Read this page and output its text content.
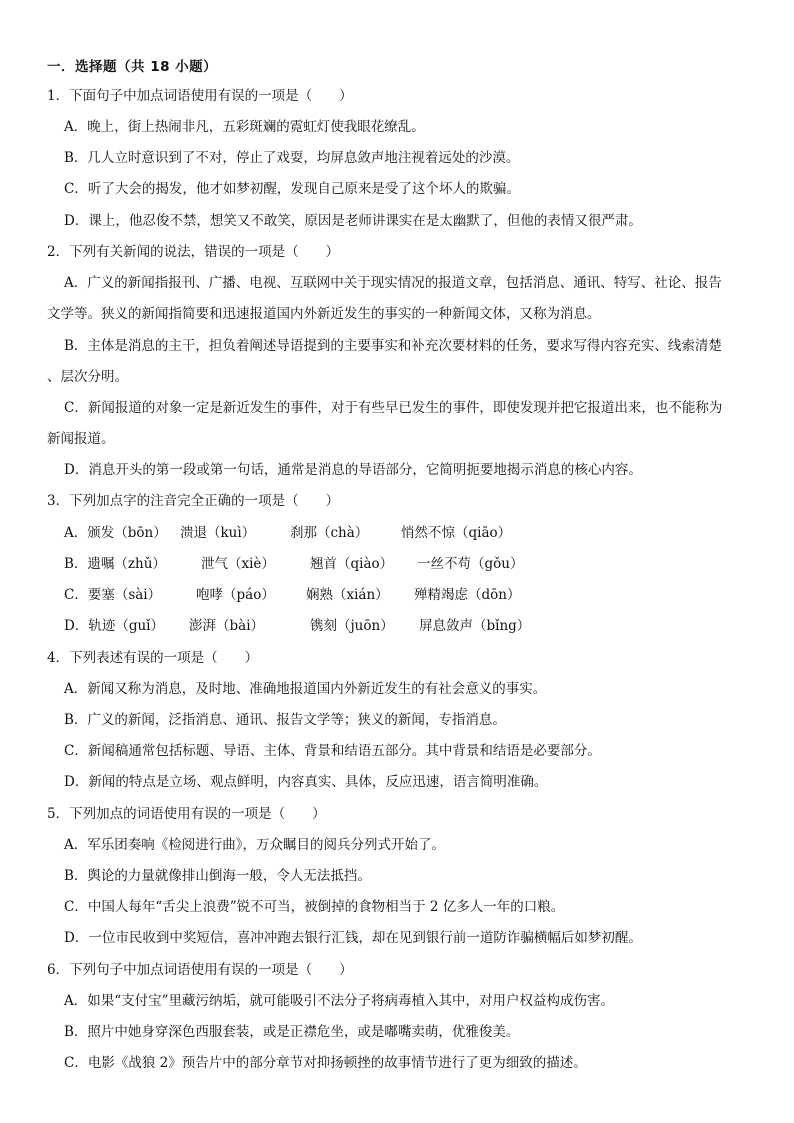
一．选择题（共 18 小题）
1．下面句子中加点词语使用有误的一项是（　　）
A．晚上，街上热闹非凡，五彩斑斓的霓虹灯使我眼花缭乱。
B．几人立时意识到了不对，停止了戏耍，均屏息敛声地注视着远处的沙漠。
C．听了大会的揭发，他才如梦初醒，发现自己原来是受了这个坏人的欺骗。
D．课上，他忍俊不禁，想笑又不敢笑，原因是老师讲课实在是太幽默了，但他的表情又很严肃。
2．下列有关新闻的说法，错误的一项是（　　）
A．广义的新闻指报刊、广播、电视、互联网中关于现实情况的报道文章，包括消息、通讯、特写、社论、报告
文学等。狭义的新闻指简要和迅速报道国内外新近发生的事实的一种新闻文体，又称为消息。
B．主体是消息的主干，担负着阐述导语提到的主要事实和补充次要材料的任务，要求写得内容充实、线索清楚
、层次分明。
C．新闻报道的对象一定是新近发生的事件，对于有些早已发生的事件，即使发现并把它报道出来，也不能称为
新闻报道。
D．消息开头的第一段或第一句话，通常是消息的导语部分，它简明扼要地揭示消息的核心内容。
3．下列加点字的注音完全正确的一项是（　　）
A．颁发（bōn） 溃退（kuì）	刹那（chà） 悄然不惊（qiāo）
B．遗嘱（zhǔ）	泄气（xiè）	翘首（qiào） 一丝不苟（gǒu）
C．要塞（sài）	咆哮（páo） 娴熟（xián） 殚精竭虑（dōn）
D．轨迹（guǐ） 澎湃（bài）	镌刻（juōn） 屏息敛声（bǐng）
4．下列表述有误的一项是（　　）
A．新闻又称为消息，及时地、准确地报道国内外新近发生的有社会意义的事实。
B．广义的新闻，泛指消息、通讯、报告文学等；狭义的新闻，专指消息。
C．新闻稿通常包括标题、导语、主体、背景和结语五部分。其中背景和结语是必要部分。
D．新闻的特点是立场、观点鲜明，内容真实、具体，反应迅速，语言简明准确。
5．下列加点的词语使用有误的一项是（　　）
A．军乐团奏响《检阅进行曲》，万众瞩目的阅兵分列式开始了。
B．舆论的力量就像排山倒海一般，令人无法抵挡。
C．中国人每年“舌尖上浪费”锐不可当，被倒掉的食物相当于 2 亿多人一年的口粮。
D．一位市民收到中奖短信，喜冲冲跑去银行汇钱，却在见到银行前一道防诈骗横幅后如梦初醒。
6．下列句子中加点词语使用有误的一项是（　　）
A．如果“支付宝”里藏污纳垢，就可能吸引不法分子将病毒植入其中，对用户权益构成伤害。
B．照片中她身穿深色西服套装，或是正襟危坐，或是嘟嘴卖萌，优雅俊美。
C．电影《战狼 2》预告片中的部分章节对抑扬顿挫的故事情节进行了更为细致的描述。
